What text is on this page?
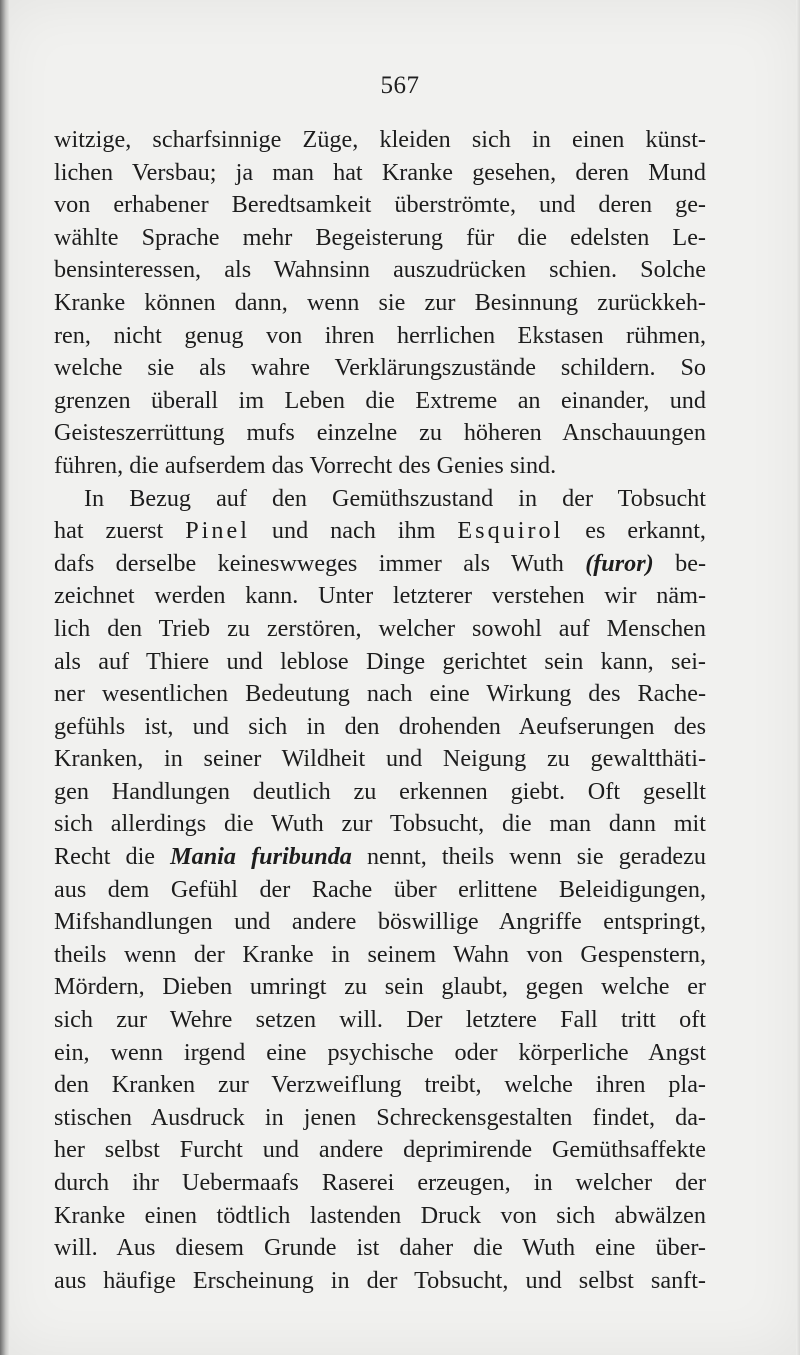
567
witzige, scharfsinnige Züge, kleiden sich in einen künst-
lichen Versbau; ja man hat Kranke gesehen, deren Mund
von erhabener Beredtsamkeit überströmte, und deren ge-
wählte Sprache mehr Begeisterung für die edelsten Le-
bensinteressen, als Wahnsinn auszudrücken schien. Solche
Kranke können dann, wenn sie zur Besinnung zurückkeh-
ren, nicht genug von ihren herrlichen Ekstasen rühmen,
welche sie als wahre Verklärungszustände schildern. So
grenzen überall im Leben die Extreme an einander, und
Geisteszerrüttung mufs einzelne zu höheren Anschauungen
führen, die aufserdem das Vorrecht des Genies sind.
In Bezug auf den Gemüthszustand in der Tobsucht
hat zuerst Pinel und nach ihm Esquirol es erkannt,
dafs derselbe keineswweges immer als Wuth (furor) be-
zeichnet werden kann. Unter letzterer verstehen wir näm-
lich den Trieb zu zerstören, welcher sowohl auf Menschen
als auf Thiere und leblose Dinge gerichtet sein kann, sei-
ner wesentlichen Bedeutung nach eine Wirkung des Rache-
gefühls ist, und sich in den drohenden Aeufserungen des
Kranken, in seiner Wildheit und Neigung zu gewaltthäti-
gen Handlungen deutlich zu erkennen giebt. Oft gesellt
sich allerdings die Wuth zur Tobsucht, die man dann mit
Recht die Mania furibunda nennt, theils wenn sie geradezu
aus dem Gefühl der Rache über erlittene Beleidigungen,
Mifshandlungen und andere böswillige Angriffe entspringt,
theils wenn der Kranke in seinem Wahn von Gespenstern,
Mördern, Dieben umringt zu sein glaubt, gegen welche er
sich zur Wehre setzen will. Der letztere Fall tritt oft
ein, wenn irgend eine psychische oder körperliche Angst
den Kranken zur Verzweiflung treibt, welche ihren pla-
stischen Ausdruck in jenen Schreckensgestalten findet, da-
her selbst Furcht und andere deprimirende Gemüthsaffekte
durch ihr Uebermaafs Raserei erzeugen, in welcher der
Kranke einen tödtlich lastenden Druck von sich abwälzen
will. Aus diesem Grunde ist daher die Wuth eine über-
aus häufige Erscheinung in der Tobsucht, und selbst sanft-
